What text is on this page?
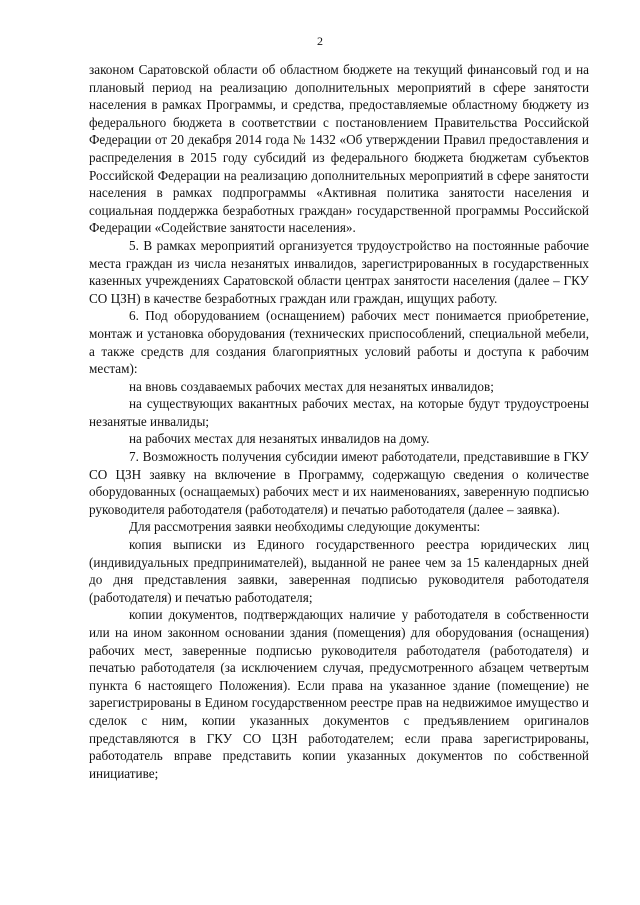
2

законом Саратовской области об областном бюджете на текущий финансовый год и на плановый период на реализацию дополнительных мероприятий в сфере занятости населения в рамках Программы, и средства, предоставляемые областному бюджету из федерального бюджета в соответствии с постановлением Правительства Российской Федерации от 20 декабря 2014 года № 1432 «Об утверждении Правил предоставления и распределения в 2015 году субсидий из федерального бюджета бюджетам субъектов Российской Федерации на реализацию дополнительных мероприятий в сфере занятости населения в рамках подпрограммы «Активная политика занятости населения и социальная поддержка безработных граждан» государственной программы Российской Федерации «Содействие занятости населения».

5. В рамках мероприятий организуется трудоустройство на постоянные рабочие места граждан из числа незанятых инвалидов, зарегистрированных в государственных казенных учреждениях Саратовской области центрах занятости населения (далее – ГКУ СО ЦЗН) в качестве безработных граждан или граждан, ищущих работу.

6. Под оборудованием (оснащением) рабочих мест понимается приобретение, монтаж и установка оборудования (технических приспособлений, специальной мебели, а также средств для создания благоприятных условий работы и доступа к рабочим местам):

на вновь создаваемых рабочих местах для незанятых инвалидов;

на существующих вакантных рабочих местах, на которые будут трудоустроены незанятые инвалиды;

на рабочих местах для незанятых инвалидов на дому.

7. Возможность получения субсидии имеют работодатели, представившие в ГКУ СО ЦЗН заявку на включение в Программу, содержащую сведения о количестве оборудованных (оснащаемых) рабочих мест и их наименованиях, заверенную подписью руководителя работодателя (работодателя) и печатью работодателя (далее – заявка).

Для рассмотрения заявки необходимы следующие документы:

копия выписки из Единого государственного реестра юридических лиц (индивидуальных предпринимателей), выданной не ранее чем за 15 календарных дней до дня представления заявки, заверенная подписью руководителя работодателя (работодателя) и печатью работодателя;

копии документов, подтверждающих наличие у работодателя в собственности или на ином законном основании здания (помещения) для оборудования (оснащения) рабочих мест, заверенные подписью руководителя работодателя (работодателя) и печатью работодателя (за исключением случая, предусмотренного абзацем четвертым пункта 6 настоящего Положения). Если права на указанное здание (помещение) не зарегистрированы в Едином государственном реестре прав на недвижимое имущество и сделок с ним, копии указанных документов с предъявлением оригиналов представляются в ГКУ СО ЦЗН работодателем; если права зарегистрированы, работодатель вправе представить копии указанных документов по собственной инициативе;
